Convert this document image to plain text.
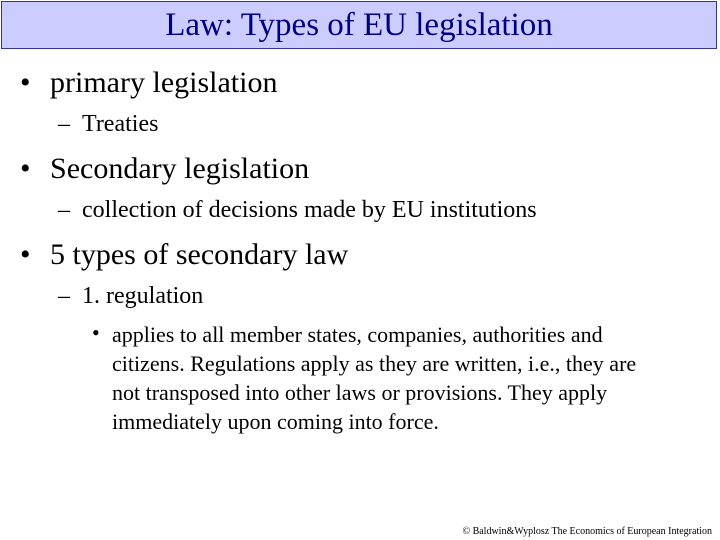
Law: Types of EU legislation
• primary legislation
– Treaties
• Secondary legislation
– collection of decisions made by EU institutions
• 5 types of secondary law
– 1. regulation
• applies to all member states, companies, authorities and
citizens. Regulations apply as they are written, i.e., they are
not transposed into other laws or provisions. They apply
immediately upon coming into force.
© Baldwin&Wyplosz The Economics of European Integration
